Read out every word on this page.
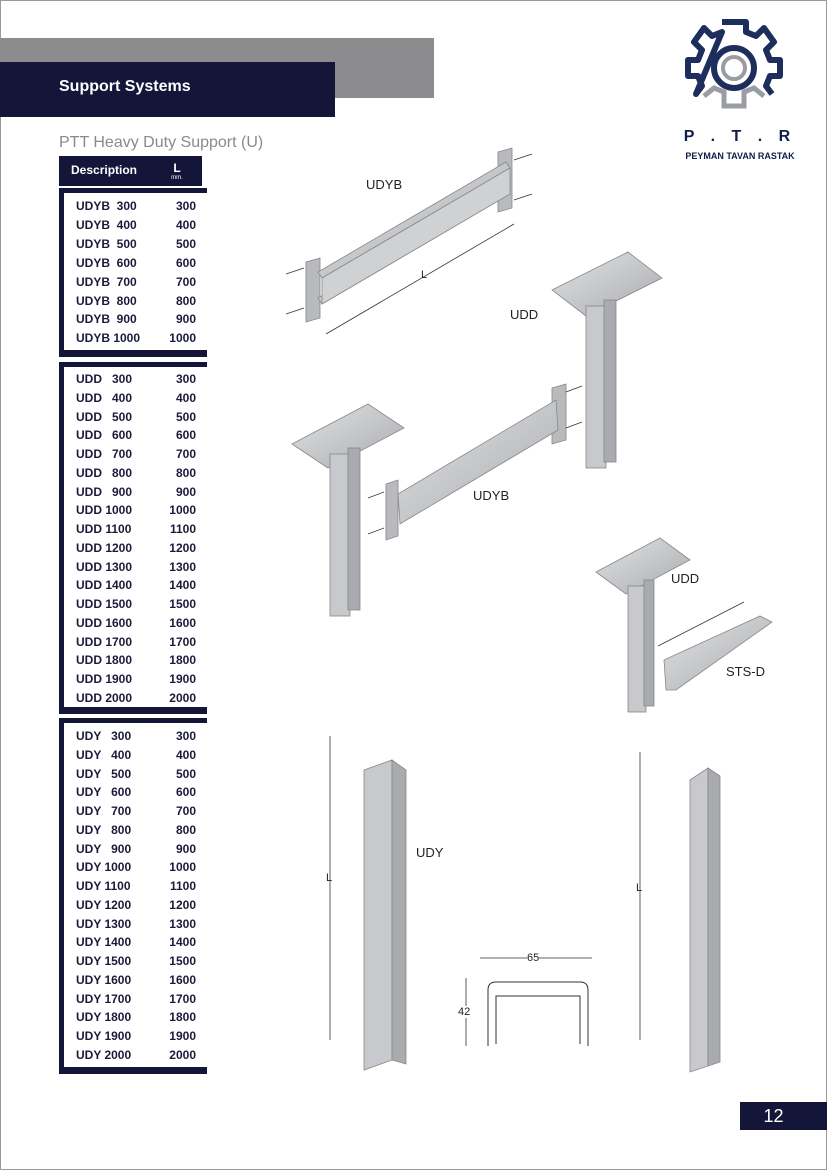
Support Systems
PTT Heavy Duty Support (U)	P . T . R
PEYMAN TAVAN RASTAK
Description	L
mm.
UDYB  300	300
UDYB  400	400
UDYB  500	500
UDYB  600	600
UDYB  700	700
UDYB  800	800
UDYB  900	900
UDYB 1000	1000
UDD   300	300
UDD   400	400
UDD   500	500
UDD   600	600
UDD   700	700
UDD   800	800
UDD   900	900
UDD 1000	1000
UDD 1100	1100
UDD 1200	1200
UDD 1300	1300
UDD 1400	1400
UDD 1500	1500
UDD 1600	1600
UDD 1700	1700
UDD 1800	1800
UDD 1900	1900
UDD 2000	2000
UDY   300	300
UDY   400	400
UDY   500	500
UDY   600	600
UDY   700	700
UDY   800	800
UDY   900	900
UDY 1000	1000
UDY 1100	1100
UDY 1200	1200
UDY 1300	1300
UDY 1400	1400
UDY 1500	1500
UDY 1600	1600
UDY 1700	1700
UDY 1800	1800
UDY 1900	1900
UDY 2000	2000
UDYB
L
UDD
UDYB
UDD
STS-D
UDY
L
65
42
L
12
